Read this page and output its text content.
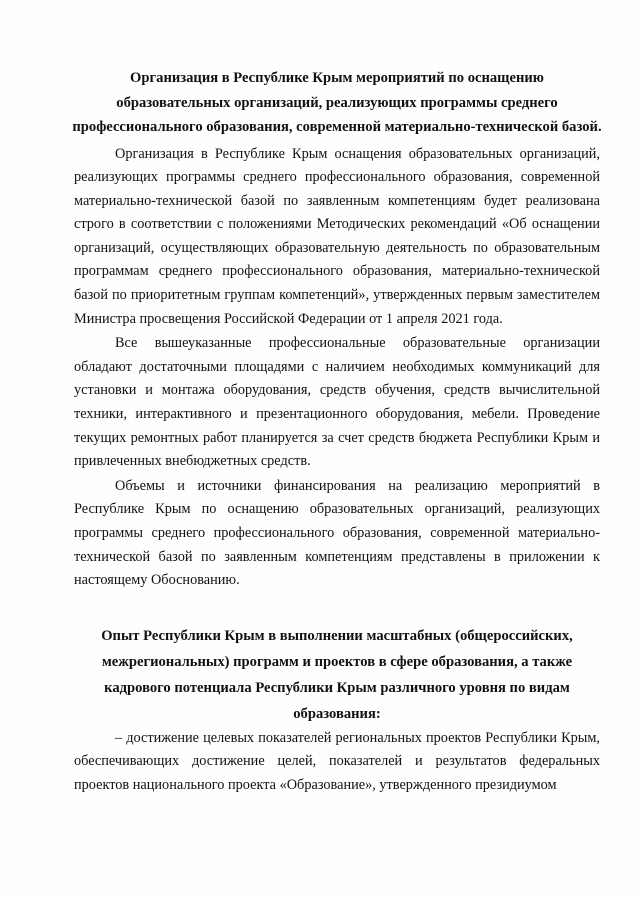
Организация в Республике Крым мероприятий по оснащению
образовательных организаций, реализующих программы среднего
профессионального образования, современной материально-технической базой.

Организация в Республике Крым оснащения образовательных организаций, реализующих программы среднего профессионального образования, современной материально-технической базой по заявленным компетенциям будет реализована строго в соответствии с положениями Методических рекомендаций «Об оснащении организаций, осуществляющих образовательную деятельность по образовательным программам среднего профессионального образования, материально-технической базой по приоритетным группам компетенций», утвержденных первым заместителем Министра просвещения Российской Федерации от 1 апреля 2021 года.

Все вышеуказанные профессиональные образовательные организации обладают достаточными площадями с наличием необходимых коммуникаций для установки и монтажа оборудования, средств обучения, средств вычислительной техники, интерактивного и презентационного оборудования, мебели. Проведение текущих ремонтных работ планируется за счет средств бюджета Республики Крым и привлеченных внебюджетных средств.

Объемы и источники финансирования на реализацию мероприятий в Республике Крым по оснащению образовательных организаций, реализующих программы среднего профессионального образования, современной материально-технической базой по заявленным компетенциям представлены в приложении к настоящему Обоснованию.

Опыт Республики Крым в выполнении масштабных (общероссийских,
межрегиональных) программ и проектов в сфере образования, а также
кадрового потенциала Республики Крым различного уровня по видам
образования:

– достижение целевых показателей региональных проектов Республики Крым, обеспечивающих достижение целей, показателей и результатов федеральных проектов национального проекта «Образование», утвержденного президиумом
